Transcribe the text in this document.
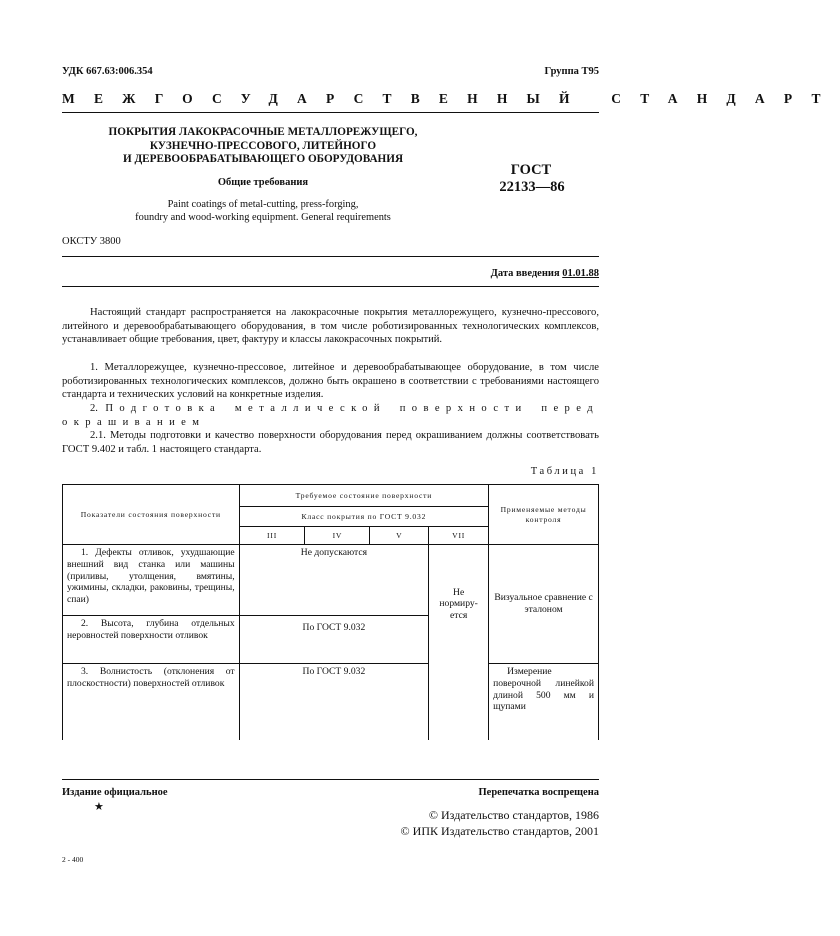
УДК 667.63:006.354	Группа Т95
МЕЖГОСУДАРСТВЕННЫЙ СТАНДАРТ
ПОКРЫТИЯ ЛАКОКРАСОЧНЫЕ МЕТАЛЛОРЕЖУЩЕГО,
КУЗНЕЧНО-ПРЕССОВОГО, ЛИТЕЙНОГО
И ДЕРЕВООБРАБАТЫВАЮЩЕГО ОБОРУДОВАНИЯ
Общие требования
Paint coatings of metal-cutting, press-forging,
foundry and wood-working equipment. General requirements
ГОСТ
22133—86
ОКСТУ 3800
Дата введения 01.01.88
Настоящий стандарт распространяется на лакокрасочные покрытия металлорежущего, кузнечно-прессового, литейного и деревообрабатывающего оборудования, в том числе роботизированных технологических комплексов, устанавливает общие требования, цвет, фактуру и классы лакокрасочных покрытий.
1. Металлорежущее, кузнечно-прессовое, литейное и деревообрабатывающее оборудование, в том числе роботизированных технологических комплексов, должно быть окрашено в соответствии с требованиями настоящего стандарта и технических условий на конкретные изделия.
2. Подготовка металлической поверхности перед окрашиванием
2.1. Методы подготовки и качество поверхности оборудования перед окрашиванием должны соответствовать ГОСТ 9.402 и табл. 1 настоящего стандарта.
Таблица 1
Показатели состояния поверхности	Требуемое состояние поверхности				Применяемые методы контроля
	Класс покрытия по ГОСТ 9.032				
	III	IV	V	VII	
1. Дефекты отливок, ухудшающие внешний вид станка или машины (приливы, утолщения, вмятины, ужимины, складки, раковины, трещины, спаи)	Не допускаются			Не нормиру-ется	Визуальное сравнение с эталоном
2. Высота, глубина отдельных неровностей поверхности отливок	По ГОСТ 9.032				
3. Волнистость (отклонения от плоскостности) поверхностей отливок	По ГОСТ 9.032				Измерение поверочной линейкой длиной 500 мм и щупами
Издание официальное	Перепечатка воспрещена
★
© Издательство стандартов, 1986
© ИПК Издательство стандартов, 2001
2 - 400
